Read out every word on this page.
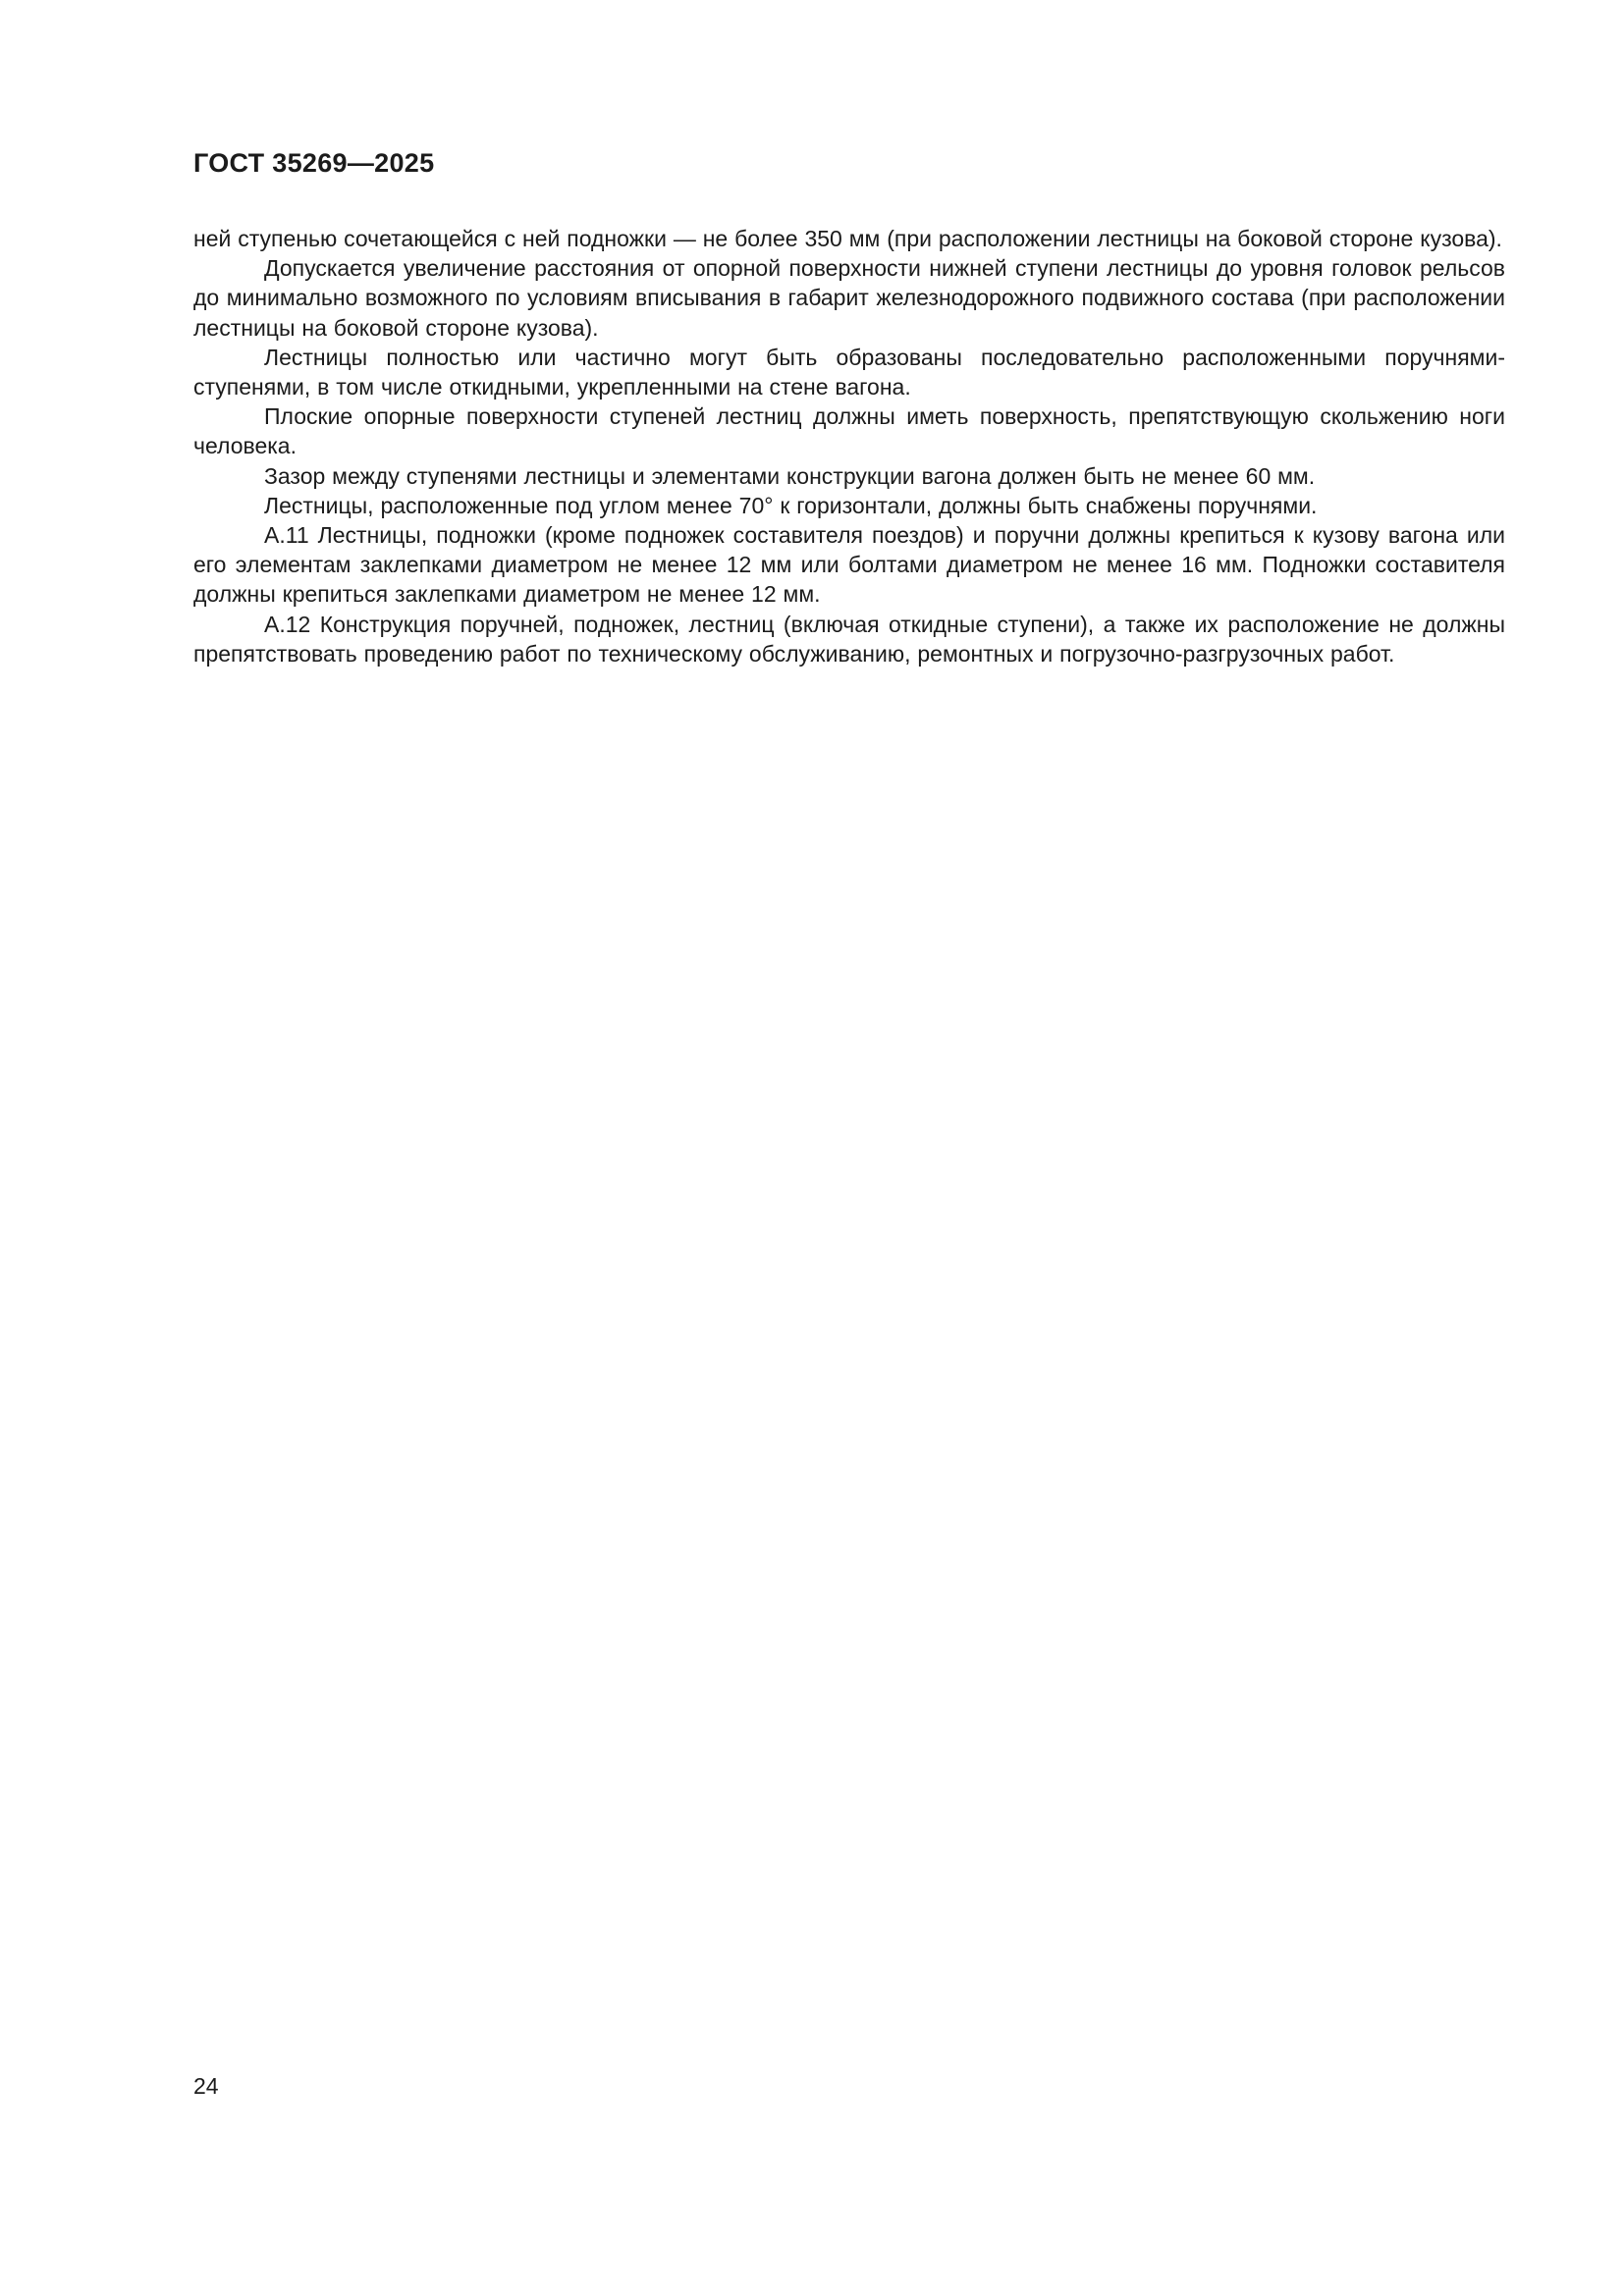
ГОСТ 35269—2025

ней ступенью сочетающейся с ней подножки — не более 350 мм (при расположении лестницы на боковой стороне кузова).

Допускается увеличение расстояния от опорной поверхности нижней ступени лестницы до уровня головок рельсов до минимально возможного по условиям вписывания в габарит железнодорожного подвижного состава (при расположении лестницы на боковой стороне кузова).

Лестницы полностью или частично могут быть образованы последовательно расположенными поручнями-ступенями, в том числе откидными, укрепленными на стене вагона.

Плоские опорные поверхности ступеней лестниц должны иметь поверхность, препятствующую скольжению ноги человека.

Зазор между ступенями лестницы и элементами конструкции вагона должен быть не менее 60 мм.

Лестницы, расположенные под углом менее 70° к горизонтали, должны быть снабжены поручнями.

А.11 Лестницы, подножки (кроме подножек составителя поездов) и поручни должны крепиться к кузову вагона или его элементам заклепками диаметром не менее 12 мм или болтами диаметром не менее 16 мм. Подножки составителя должны крепиться заклепками диаметром не менее 12 мм.

А.12 Конструкция поручней, подножек, лестниц (включая откидные ступени), а также их расположение не должны препятствовать проведению работ по техническому обслуживанию, ремонтных и погрузочно-разгрузочных работ.

24
